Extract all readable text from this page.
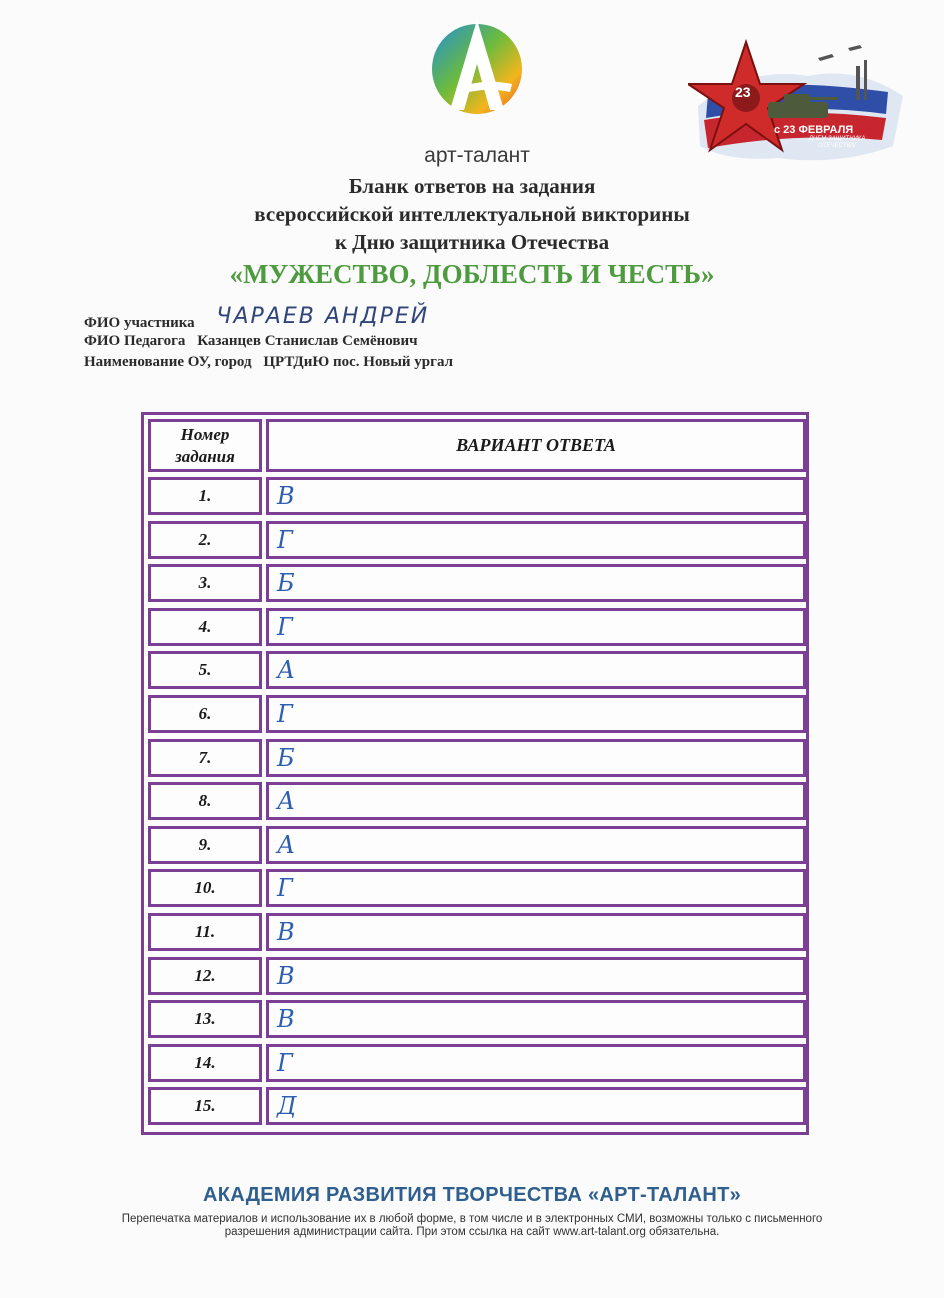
арт-талант
23
с 23 ФЕВРАЛЯ
ДНЕМ ЗАЩИТНИКА ОТЕЧЕСТВА!
Бланк ответов на задания
всероссийской интеллектуальной викторины
к Дню защитника Отечества
«МУЖЕСТВО, ДОБЛЕСТЬ И ЧЕСТЬ»
ФИО участника ЧАРАЕВ АНДРЕЙ
ФИО Педагога Казанцев Станислав Семёнович
Наименование ОУ, город ЦРТДиЮ пос. Новый ургал
Номер
задания
ВАРИАНТ ОТВЕТА
1.	В
2.	Г
3.	Б
4.	Г
5.	А
6.	Г
7.	Б
8.	А
9.	А
10.	Г
11.	В
12.	В
13.	В
14.	Г
15.	Д
АКАДЕМИЯ РАЗВИТИЯ ТВОРЧЕСТВА «АРТ-ТАЛАНТ»
Перепечатка материалов и использование их в любой форме, в том числе и в электронных СМИ, возможны только с письменного разрешения администрации сайта. При этом ссылка на сайт www.art-talant.org обязательна.
